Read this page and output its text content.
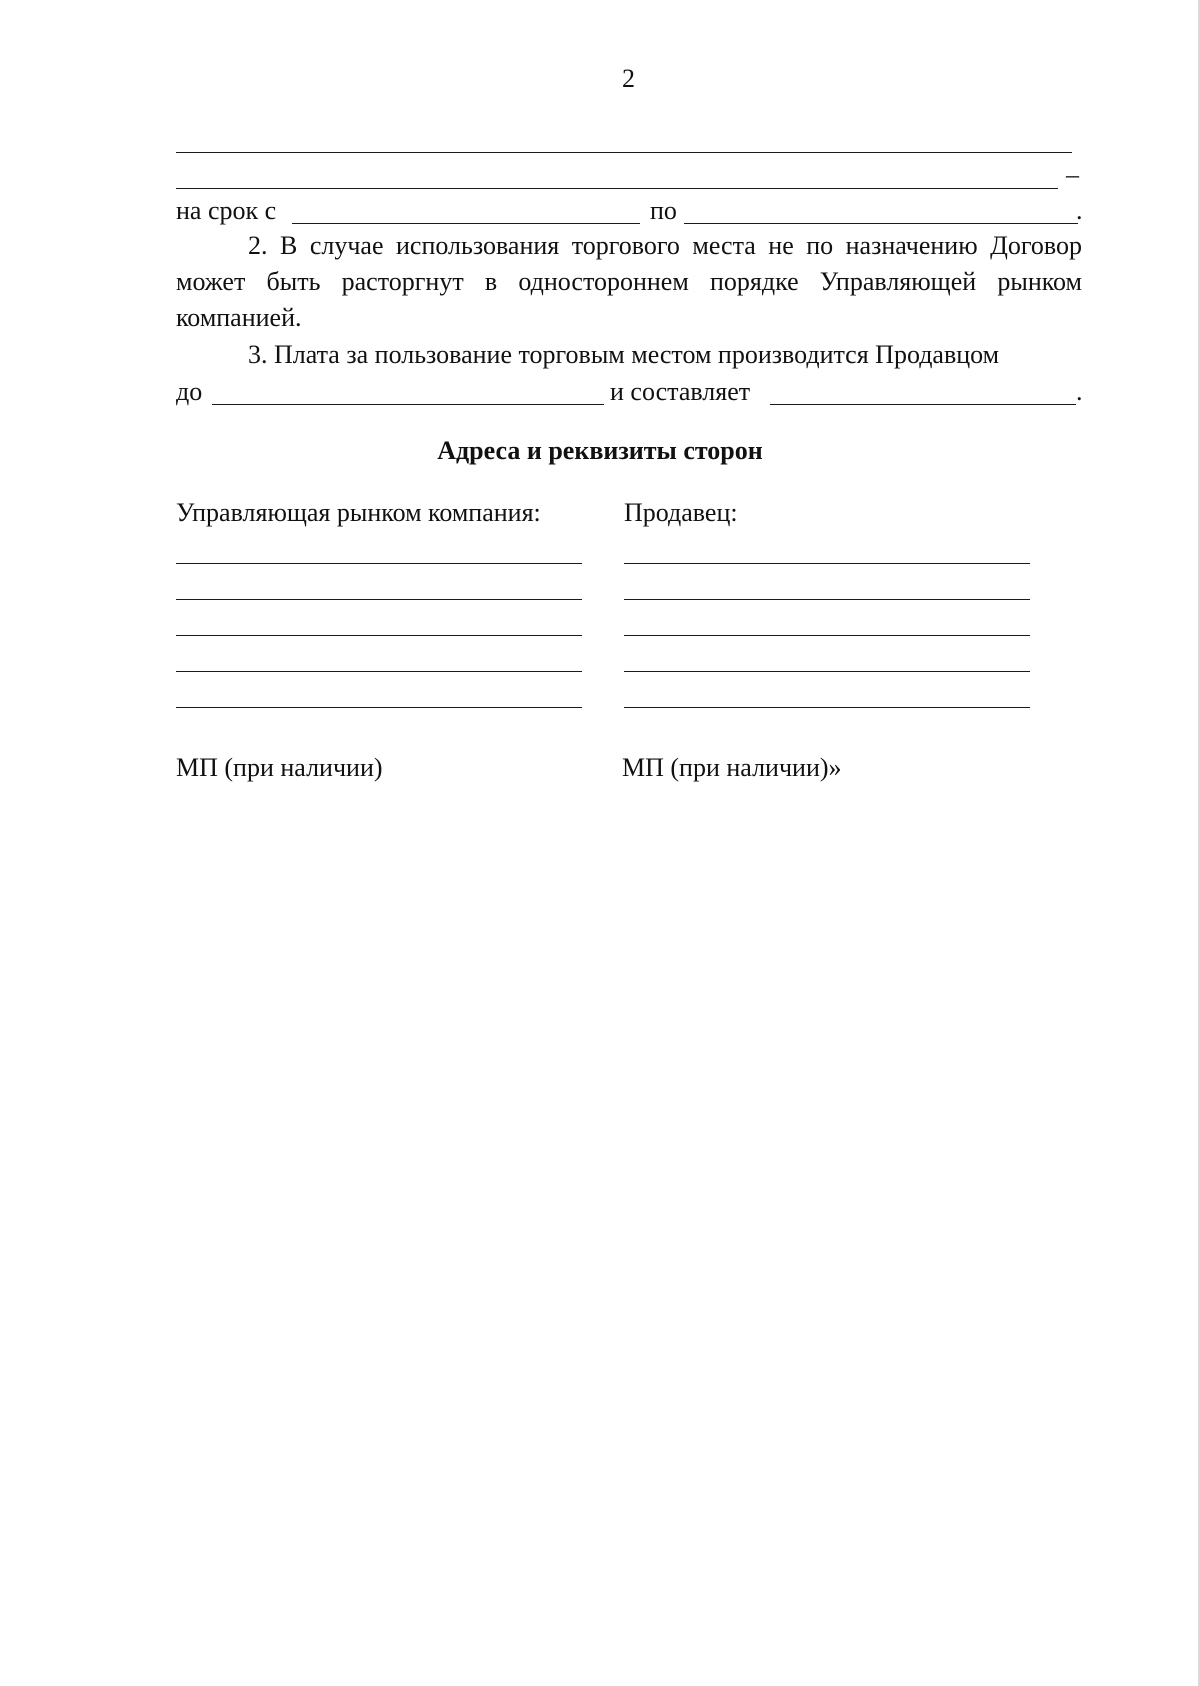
2
–
на срок с	по	.

2. В случае использования торгового места не по назначению Договор может быть расторгнут в одностороннем порядке Управляющей рынком компанией.

3. Плата за пользование торговым местом производится Продавцом
до	и составляет	.
Адреса и реквизиты сторон
Управляющая рынком компания:	Продавец:
МП (при наличии)	МП (при наличии)»
